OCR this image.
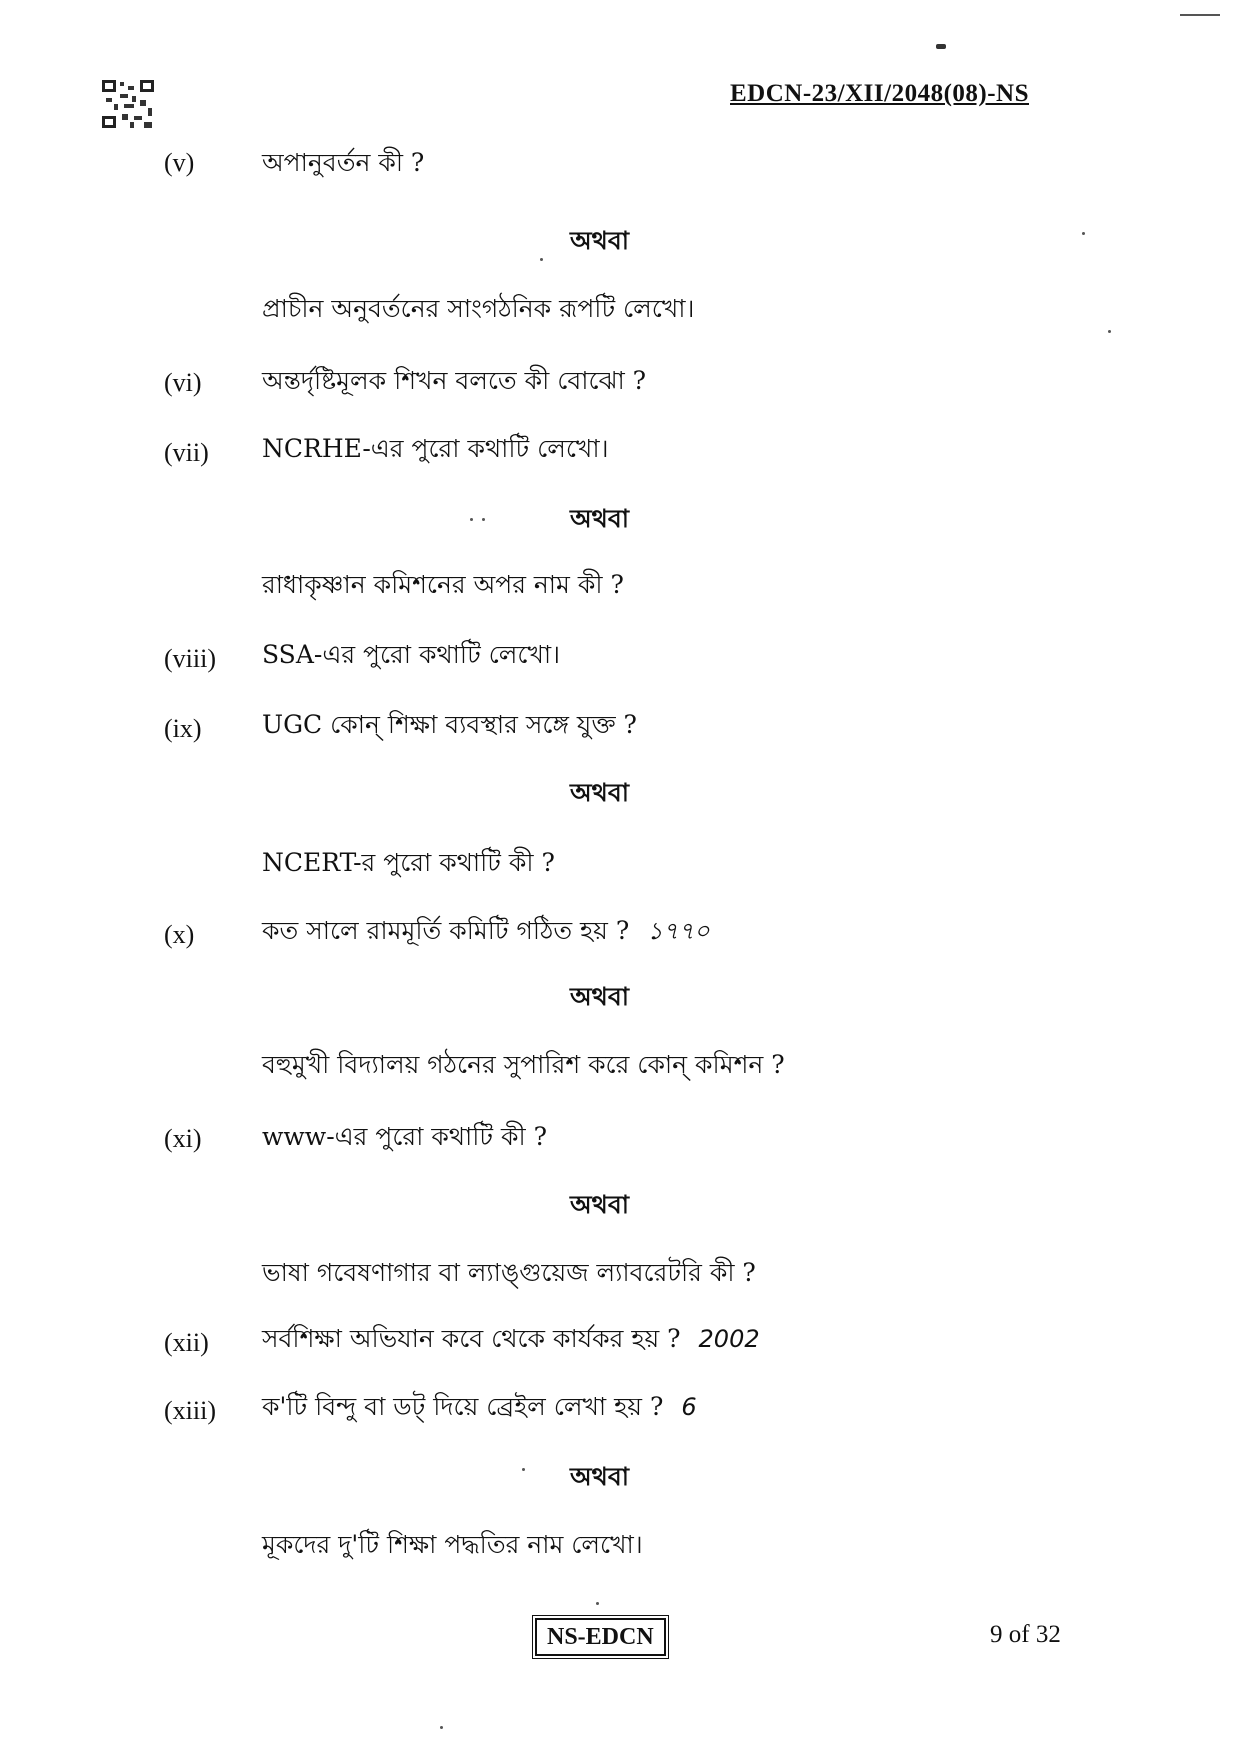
EDCN-23/XII/2048(08)-NS
(v)	অপানুবর্তন কী ?
অথবা
প্রাচীন অনুবর্তনের সাংগঠনিক রূপটি লেখো।
(vi) অন্তর্দৃষ্টিমূলক শিখন বলতে কী বোঝো ?
(vii) NCRHE-এর পুরো কথাটি লেখো।
অথবা
রাধাকৃষ্ণান কমিশনের অপর নাম কী ?
(viii) SSA-এর পুরো কথাটি লেখো।
(ix) UGC কোন্ শিক্ষা ব্যবস্থার সঙ্গে যুক্ত ?
অথবা
NCERT-র পুরো কথাটি কী ?
(x)	কত সালে রামমূর্তি কমিটি গঠিত হয় ? ১৭৭০
অথবা
বহুমুখী বিদ্যালয় গঠনের সুপারিশ করে কোন্ কমিশন ?
(xi) www-এর পুরো কথাটি কী ?
অথবা
ভাষা গবেষণাগার বা ল্যাঙ্গুয়েজ ল্যাবরেটরি কী ?
(xii) সর্বশিক্ষা অভিযান কবে থেকে কার্যকর হয় ? 2002
(xiii) ক'টি বিন্দু বা ডট্ দিয়ে ব্রেইল লেখা হয় ? 6
অথবা
মূকদের দু'টি শিক্ষা পদ্ধতির নাম লেখো।
NS-EDCN	9 of 32
